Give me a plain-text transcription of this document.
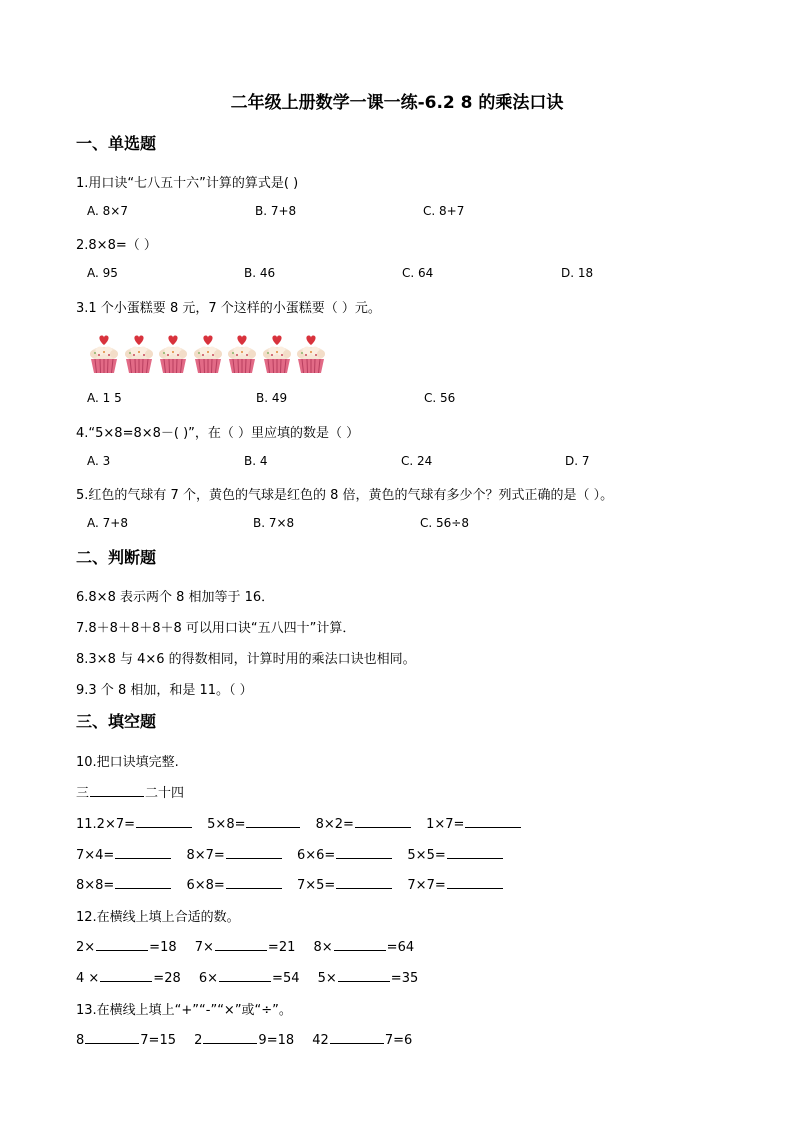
二年级上册数学一课一练-6.2 8 的乘法口诀
一、单选题
1.用口诀“七八五十六”计算的算式是( )
A. 8×7	B. 7+8	C. 8+7
2.8×8=（ ）
A. 95	B. 46	C. 64	D. 18
3.1 个小蛋糕要 8 元，7 个这样的小蛋糕要（ ）元。
A. 1 5	B. 49	C. 56
4.“5×8=8×8－( )”，在（ ）里应填的数是（ ）
A. 3	B. 4	C. 24	D. 7
5.红色的气球有 7 个，黄色的气球是红色的 8 倍，黄色的气球有多少个？列式正确的是（ ）。
A. 7+8	B. 7×8	C. 56÷8
二、判断题
6.8×8 表示两个 8 相加等于 16．
7.8＋8＋8＋8＋8 可以用口诀“五八四十”计算．
8.3×8 与 4×6 的得数相同，计算时用的乘法口诀也相同。
9.3 个 8 相加，和是 11。（ ）
三、填空题
10.把口诀填完整.
三	二十四
11.2×7=	5×8=	8×2=	1×7=
7×4=	8×7=	6×6=	5×5=
8×8=	6×8=	7×5=	7×7=
12.在横线上填上合适的数。
2×	=18 7×	=21 8×	=64
4 ×	=28 6×	=54 5×	=35
13.在横线上填上“+”“-”“×”或“÷”。
8	7=15 2	9=18 42	7=6
